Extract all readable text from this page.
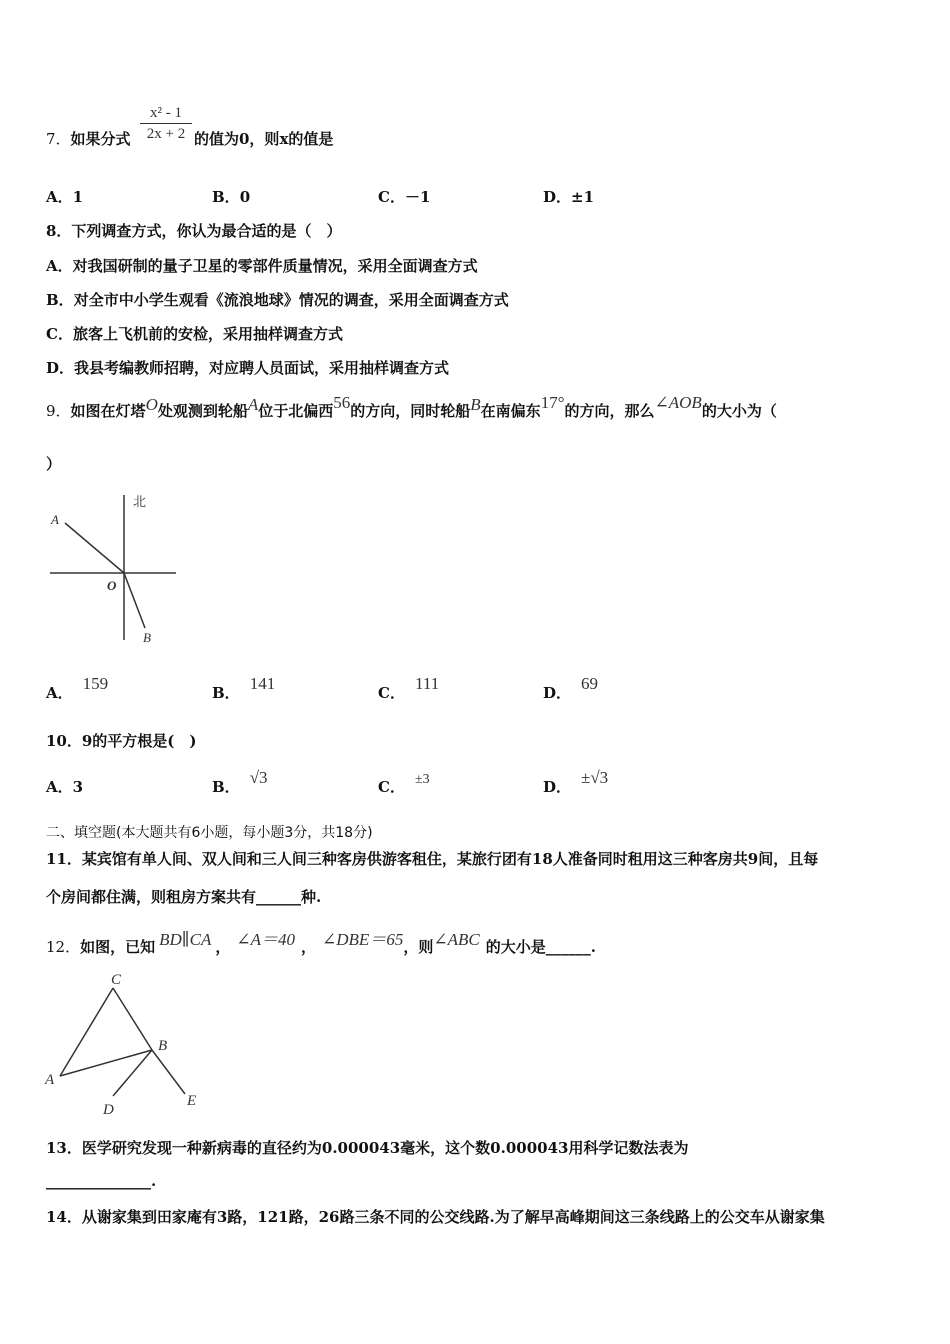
7．如果分式
x² - 1
2x + 2 的值为0，则x的值是
A．1	B．0	C．－1	D．±1
8．下列调查方式，你认为最合适的是（　）
A．对我国研制的量子卫星的零部件质量情况，采用全面调查方式
B．对全市中小学生观看《流浪地球》情况的调查，采用全面调查方式
C．旅客上飞机前的安检，采用抽样调查方式
D．我县考编教师招聘，对应聘人员面试，采用抽样调查方式
9．如图在灯塔O处观测到轮船A位于北偏西56的方向，同时轮船B在南偏东17°的方向，那么∠AOB的大小为（
）
北
A
O
B
A． 159	B． 141	C． 111	D． 69
10．9的平方根是(　)
A．3	B． √3	C． ±3	D． ±√3
二、填空题(本大题共有6小题，每小题3分，共18分)
11．某宾馆有单人间、双人间和三人间三种客房供游客租住，某旅行团有18人准备同时租用这三种客房共9间，且每
个房间都住满，则租房方案共有______种.
12．如图，已知 BD∥CA ， ∠A＝40 ， ∠DBE＝65，则∠ABC 的大小是______.
C
A
B
D
E
13．医学研究发现一种新病毒的直径约为0.000043毫米，这个数0.000043用科学记数法表为
______________.
14．从谢家集到田家庵有3路，121路，26路三条不同的公交线路.为了解早高峰期间这三条线路上的公交车从谢家集
